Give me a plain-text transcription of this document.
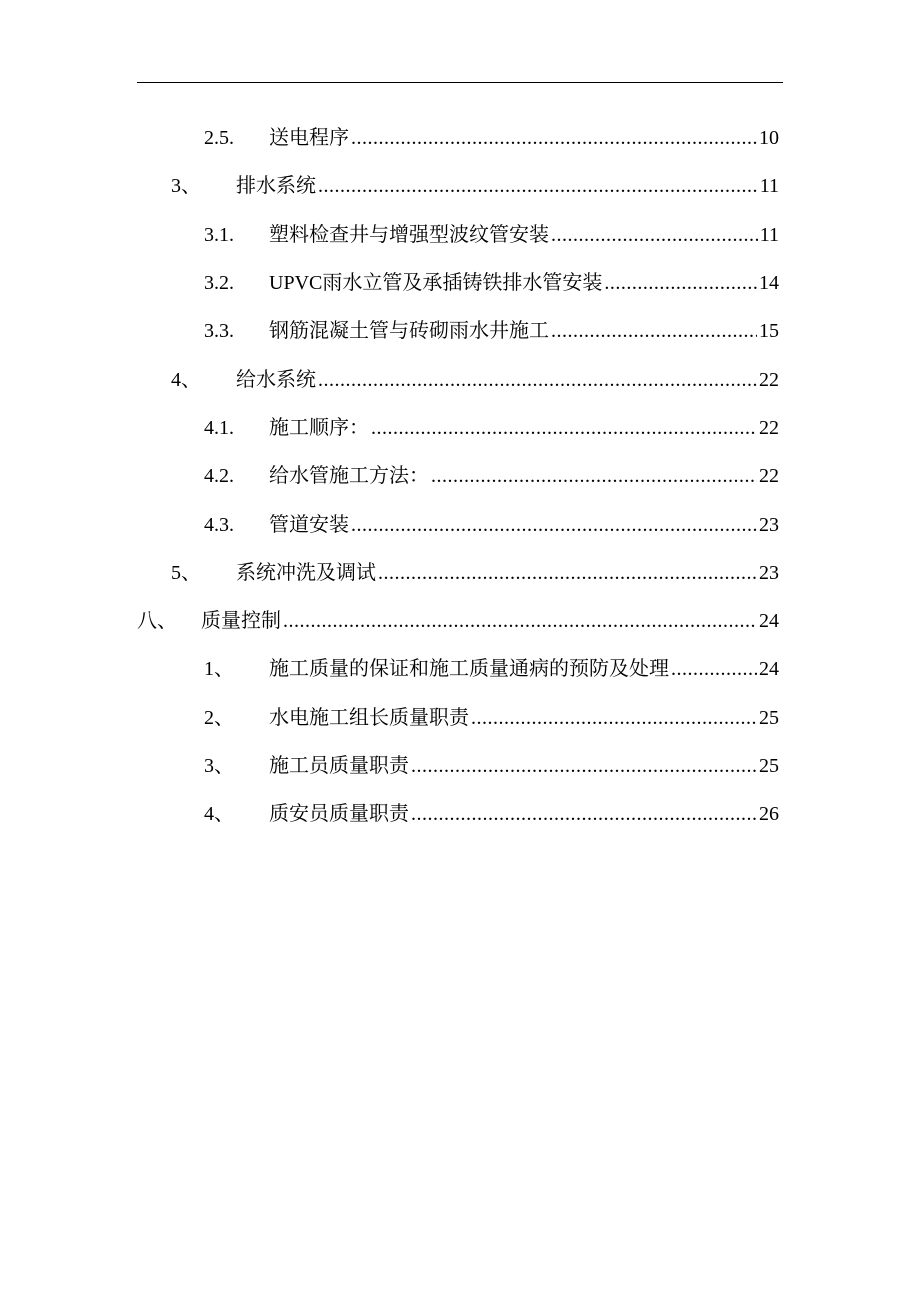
2.5. 送电程序 .....	10
3、 排水系统 .....	11
3.1. 塑料检查井与增强型波纹管安装 .....	11
3.2. UPVC雨水立管及承插铸铁排水管安装 .....	14
3.3. 钢筋混凝土管与砖砌雨水井施工 .....	15
4、 给水系统 .....	22
4.1. 施工顺序： .....	22
4.2. 给水管施工方法： .....	22
4.3. 管道安装 .....	23
5、 系统冲洗及调试 .....	23
八、 质量控制 .....	24
1、 施工质量的保证和施工质量通病的预防及处理 .....	24
2、 水电施工组长质量职责 .....	25
3、 施工员质量职责 .....	25
4、 质安员质量职责 .....	26
